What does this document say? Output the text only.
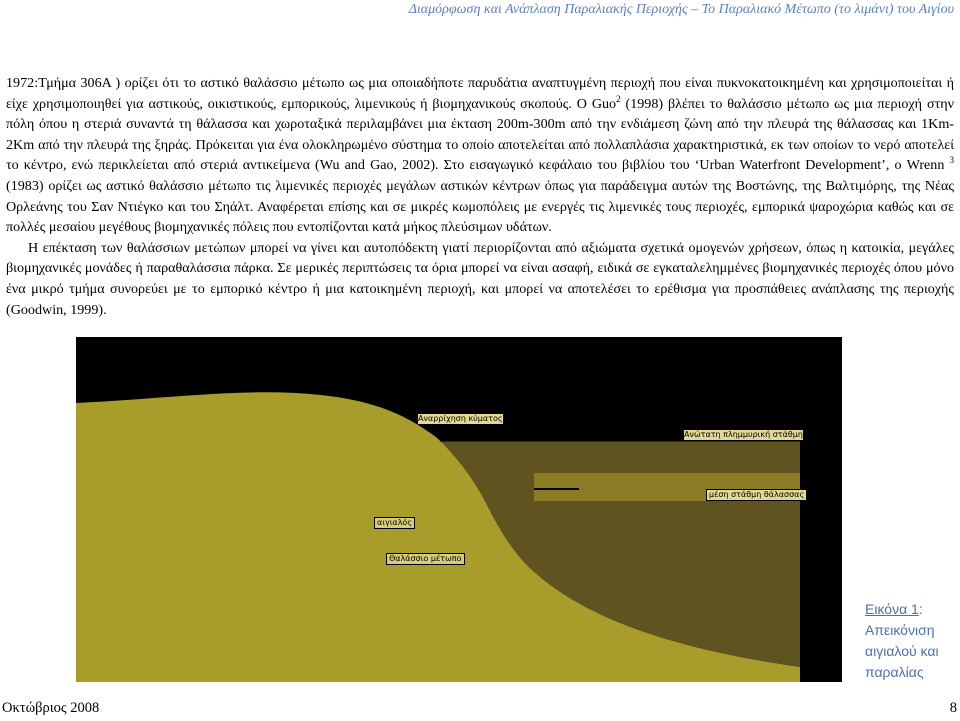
Διαμόρφωση και Ανάπλαση Παραλιακής Περιοχής – Το Παραλιακό Μέτωπο (το λιμάνι) του Αιγίου

1972:Τμήμα 306Α ) ορίζει ότι το αστικό θαλάσσιο μέτωπο ως μια οποιαδήποτε παρυδάτια αναπτυγμένη περιοχή που είναι πυκνοκατοικημένη και χρησιμοποιείται ή είχε χρησιμοποιηθεί για αστικούς, οικιστικούς, εμπορικούς, λιμενικούς ή βιομηχανικούς σκοπούς. Ο Guo$^2$ (1998) βλέπει το θαλάσσιο μέτωπο ως μια περιοχή στην πόλη όπου η στεριά συναντά τη θάλασσα και χωροταξικά περιλαμβάνει μια έκταση 200m-300m από την ενδιάμεση ζώνη από την πλευρά της θάλασσας και 1Km-2Km από την πλευρά της ξηράς. Πρόκειται για ένα ολοκληρωμένο σύστημα το οποίο αποτελείται από πολλαπλάσια χαρακτηριστικά, εκ των οποίων το νερό αποτελεί το κέντρο, ενώ περικλείεται από στεριά αντικείμενα (Wu and Gao, 2002). Στο εισαγωγικό κεφάλαιο του βιβλίου του ‘Urban Waterfront Development’, ο Wrenn $^3$ (1983) ορίζει ως αστικό θαλάσσιο μέτωπο τις λιμενικές περιοχές μεγάλων αστικών κέντρων όπως για παράδειγμα αυτών της Βοστώνης, της Βαλτιμόρης, της Νέας Ορλεάνης του Σαν Ντιέγκο και του Σηάλτ. Αναφέρεται επίσης και σε μικρές κωμοπόλεις με ενεργές τις λιμενικές τους περιοχές, εμπορικά ψαροχώρια καθώς και σε πολλές μεσαίου μεγέθους βιομηχανικές πόλεις που εντοπίζονται κατά μήκος πλεύσιμων υδάτων.

Η επέκταση των θαλάσσιων μετώπων μπορεί να γίνει και αυτοπόδεκτη γιατί περιορίζονται από αξιώματα σχετικά ομογενών χρήσεων, όπως η κατοικία, μεγάλες βιομηχανικές μονάδες ή παραθαλάσσια πάρκα. Σε μερικές περιπτώσεις τα όρια μπορεί να είναι ασαφή, ειδικά σε εγκαταλελημμένες βιομηχανικές περιοχές όπου μόνο ένα μικρό τμήμα συνορεύει με το εμπορικό κέντρο ή μια κατοικημένη περιοχή, και μπορεί να αποτελέσει το ερέθισμα για προσπάθειες ανάπλασης της περιοχής (Goodwin, 1999).

Αναρρίχηση κύματος
Ανώτατη πλημμυρική στάθμη
μέση στάθμη θάλασσας
αιγιαλός
Θαλάσσιο μέτωπο
Εικόνα 1:
Απεικόνιση
αιγιαλού και
παραλίας
Οκτώβριος 2008	8
